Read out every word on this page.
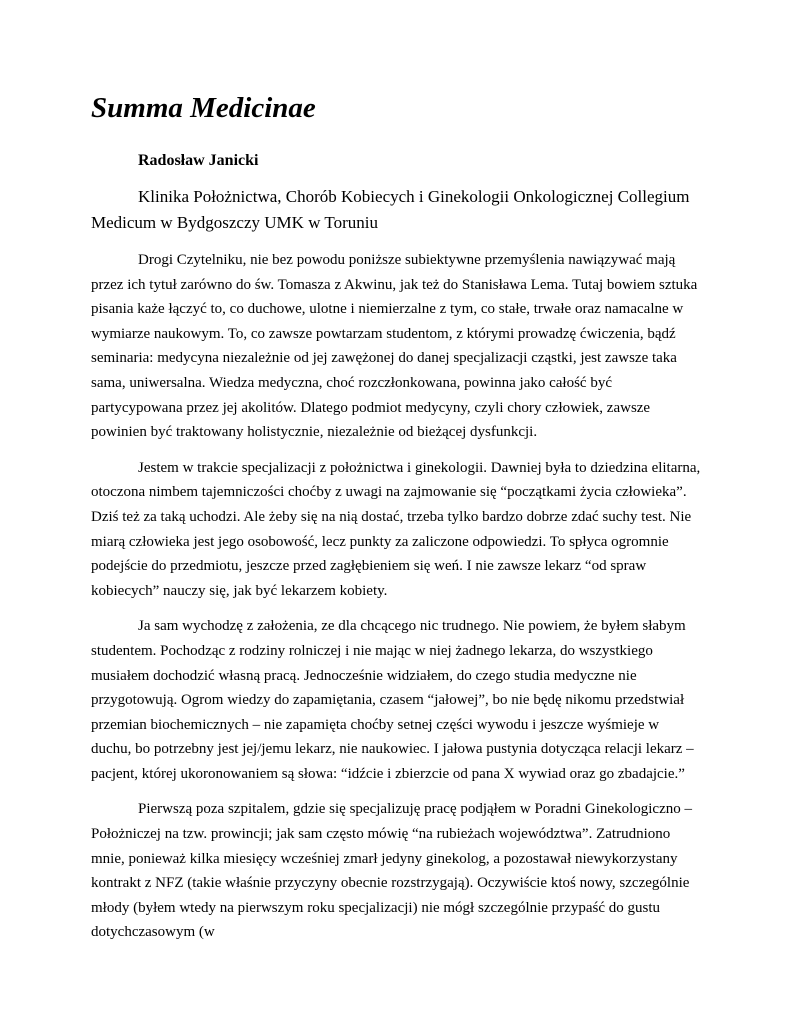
Summa Medicinae

Radosław Janicki

Klinika Położnictwa, Chorób Kobiecych i Ginekologii Onkologicznej Collegium Medicum w Bydgoszczy UMK w Toruniu

Drogi Czytelniku, nie bez powodu poniższe subiektywne przemyślenia nawiązywać mają przez ich tytuł zarówno do św. Tomasza z Akwinu, jak też do Stanisława Lema. Tutaj bowiem sztuka pisania każe łączyć to, co duchowe, ulotne i niemierzalne z tym, co stałe, trwałe oraz namacalne w wymiarze naukowym. To, co zawsze powtarzam studentom, z którymi prowadzę ćwiczenia, bądź seminaria: medycyna niezależnie od jej zawężonej do danej specjalizacji cząstki, jest zawsze taka sama, uniwersalna. Wiedza medyczna, choć rozczłonkowana, powinna jako całość być partycypowana przez jej akolitów. Dlatego podmiot medycyny, czyli chory człowiek, zawsze powinien być traktowany holistycznie, niezależnie od bieżącej dysfunkcji.

Jestem w trakcie specjalizacji z położnictwa i ginekologii. Dawniej była to dziedzina elitarna, otoczona nimbem tajemniczości choćby z uwagi na zajmowanie się “początkami życia człowieka”. Dziś też za taką uchodzi. Ale żeby się na nią dostać, trzeba tylko bardzo dobrze zdać suchy test. Nie miarą człowieka jest jego osobowość, lecz punkty za zaliczone odpowiedzi. To spłyca ogromnie podejście do przedmiotu, jeszcze przed zagłębieniem się weń. I nie zawsze lekarz “od spraw kobiecych” nauczy się, jak być lekarzem kobiety.

Ja sam wychodzę z założenia, ze dla chcącego nic trudnego. Nie powiem, że byłem słabym studentem. Pochodząc z rodziny rolniczej i nie mając w niej żadnego lekarza, do wszystkiego musiałem dochodzić własną pracą. Jednocześnie widziałem, do czego studia medyczne nie przygotowują. Ogrom wiedzy do zapamiętania, czasem “jałowej”, bo nie będę nikomu przedstwiał przemian biochemicznych – nie zapamięta choćby setnej części wywodu i jeszcze wyśmieje w duchu, bo potrzebny jest jej/jemu lekarz, nie naukowiec. I jałowa pustynia dotycząca relacji lekarz – pacjent, której ukoronowaniem są słowa: “idźcie i zbierzcie od pana X wywiad oraz go zbadajcie.”

Pierwszą poza szpitalem, gdzie się specjalizuję pracę podjąłem w Poradni Ginekologiczno – Położniczej na tzw. prowincji; jak sam często mówię “na rubieżach województwa”. Zatrudniono mnie, ponieważ kilka miesięcy wcześniej zmarł jedyny ginekolog, a pozostawał niewykorzystany kontrakt z NFZ (takie właśnie przyczyny obecnie rozstrzygają). Oczywiście ktoś nowy, szczególnie młody (byłem wtedy na pierwszym roku specjalizacji) nie mógł szczególnie przypaść do gustu dotychczasowym (w
